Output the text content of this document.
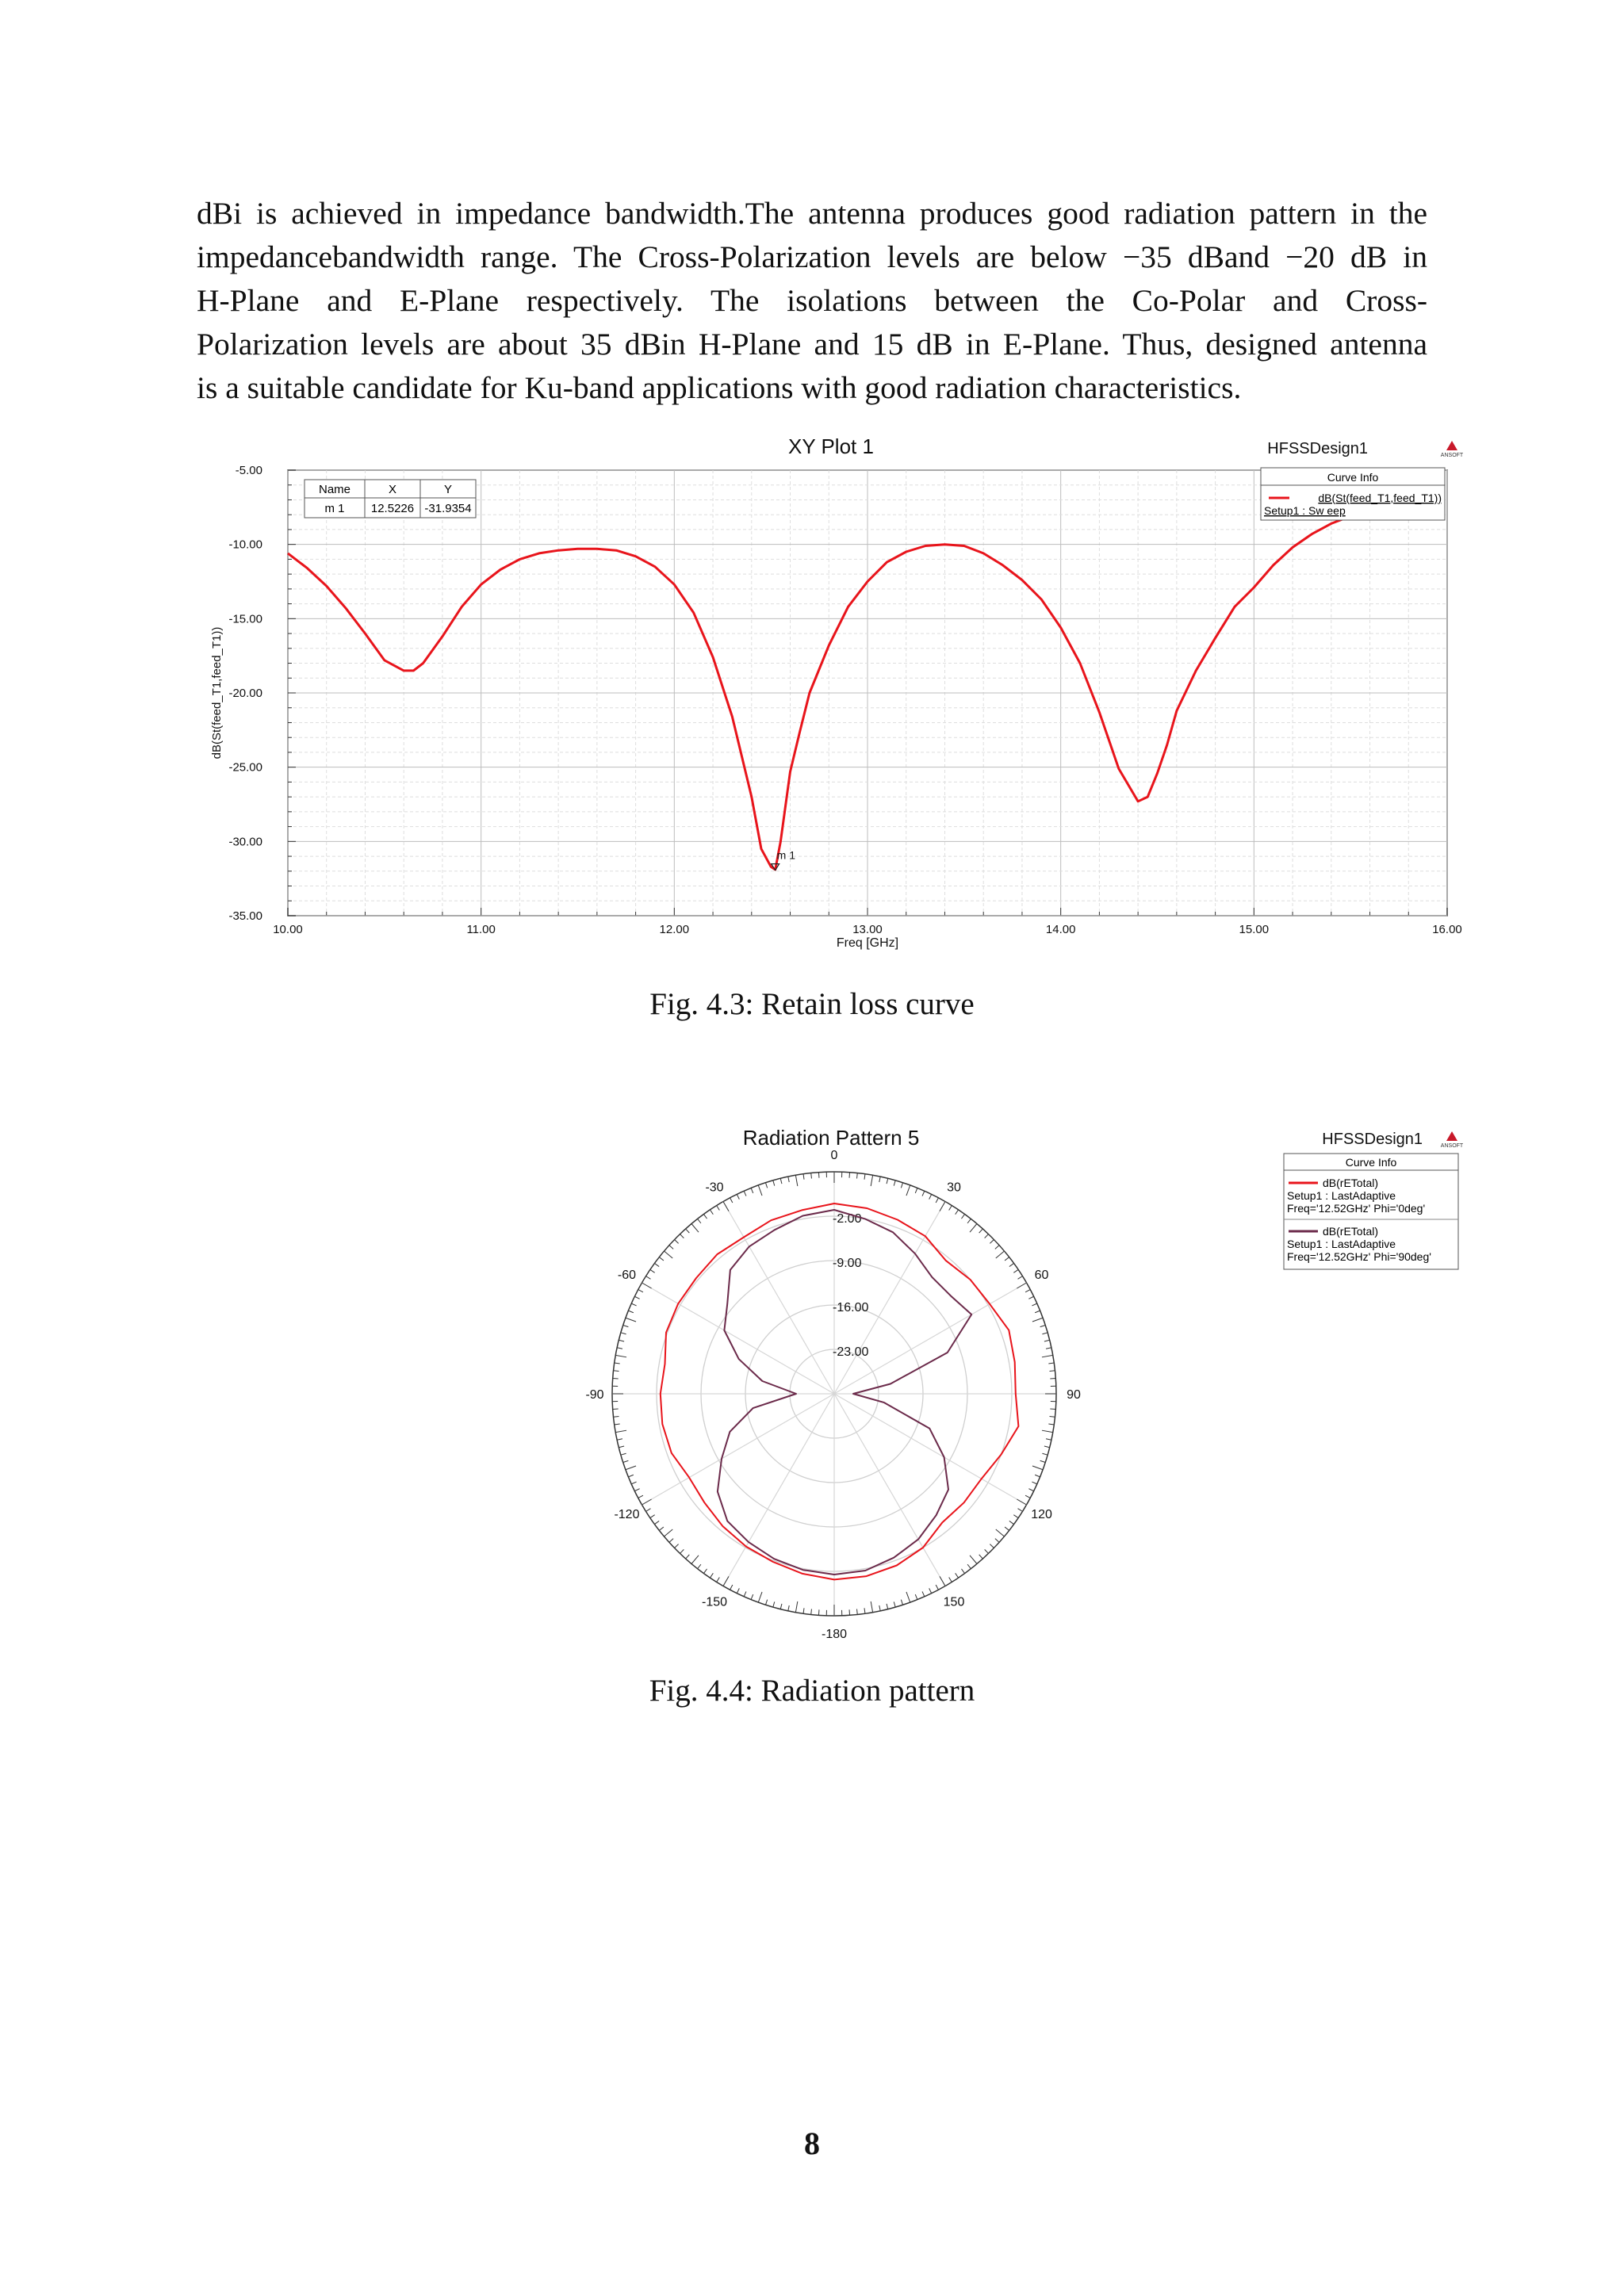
dBi is achieved in impedance bandwidth.The antenna produces good radiation pattern in the
impedancebandwidth range. The Cross-Polarization levels are below −35 dBand −20 dB in
H-Plane and E-Plane respectively. The isolations between the Co-Polar and Cross-
Polarization levels are about 35 dBin H-Plane and 15 dB in E-Plane. Thus, designed antenna
is a suitable candidate for Ku-band applications with good radiation characteristics.
XY Plot 1	HFSSDesign1	ANSOFT
10.00	11.00	12.00	13.00	14.00	15.00	16.00
-5.00
-10.00
-15.00
-20.00
-25.00
-30.00
-35.00
dB(St(feed_T1,feed_T1))
Freq [GHz]
m 1
Name	X	Y
m 1 12.5226 -31.9354
Curve Info
dB(St(feed_T1,feed_T1))
Setup1 : Sw eep
Fig. 4.3: Retain loss curve
Radiation Pattern 5	HFSSDesign1	ANSOFT
0
30
60
90
120
150
-180
-150
-120
-90
-60
-30
-2.00
-9.00
-16.00
-23.00
Curve Info
dB(rETotal)
Setup1 : LastAdaptive
Freq='12.52GHz' Phi='0deg'
dB(rETotal)
Setup1 : LastAdaptive
Freq='12.52GHz' Phi='90deg'
Fig. 4.4: Radiation pattern
8
